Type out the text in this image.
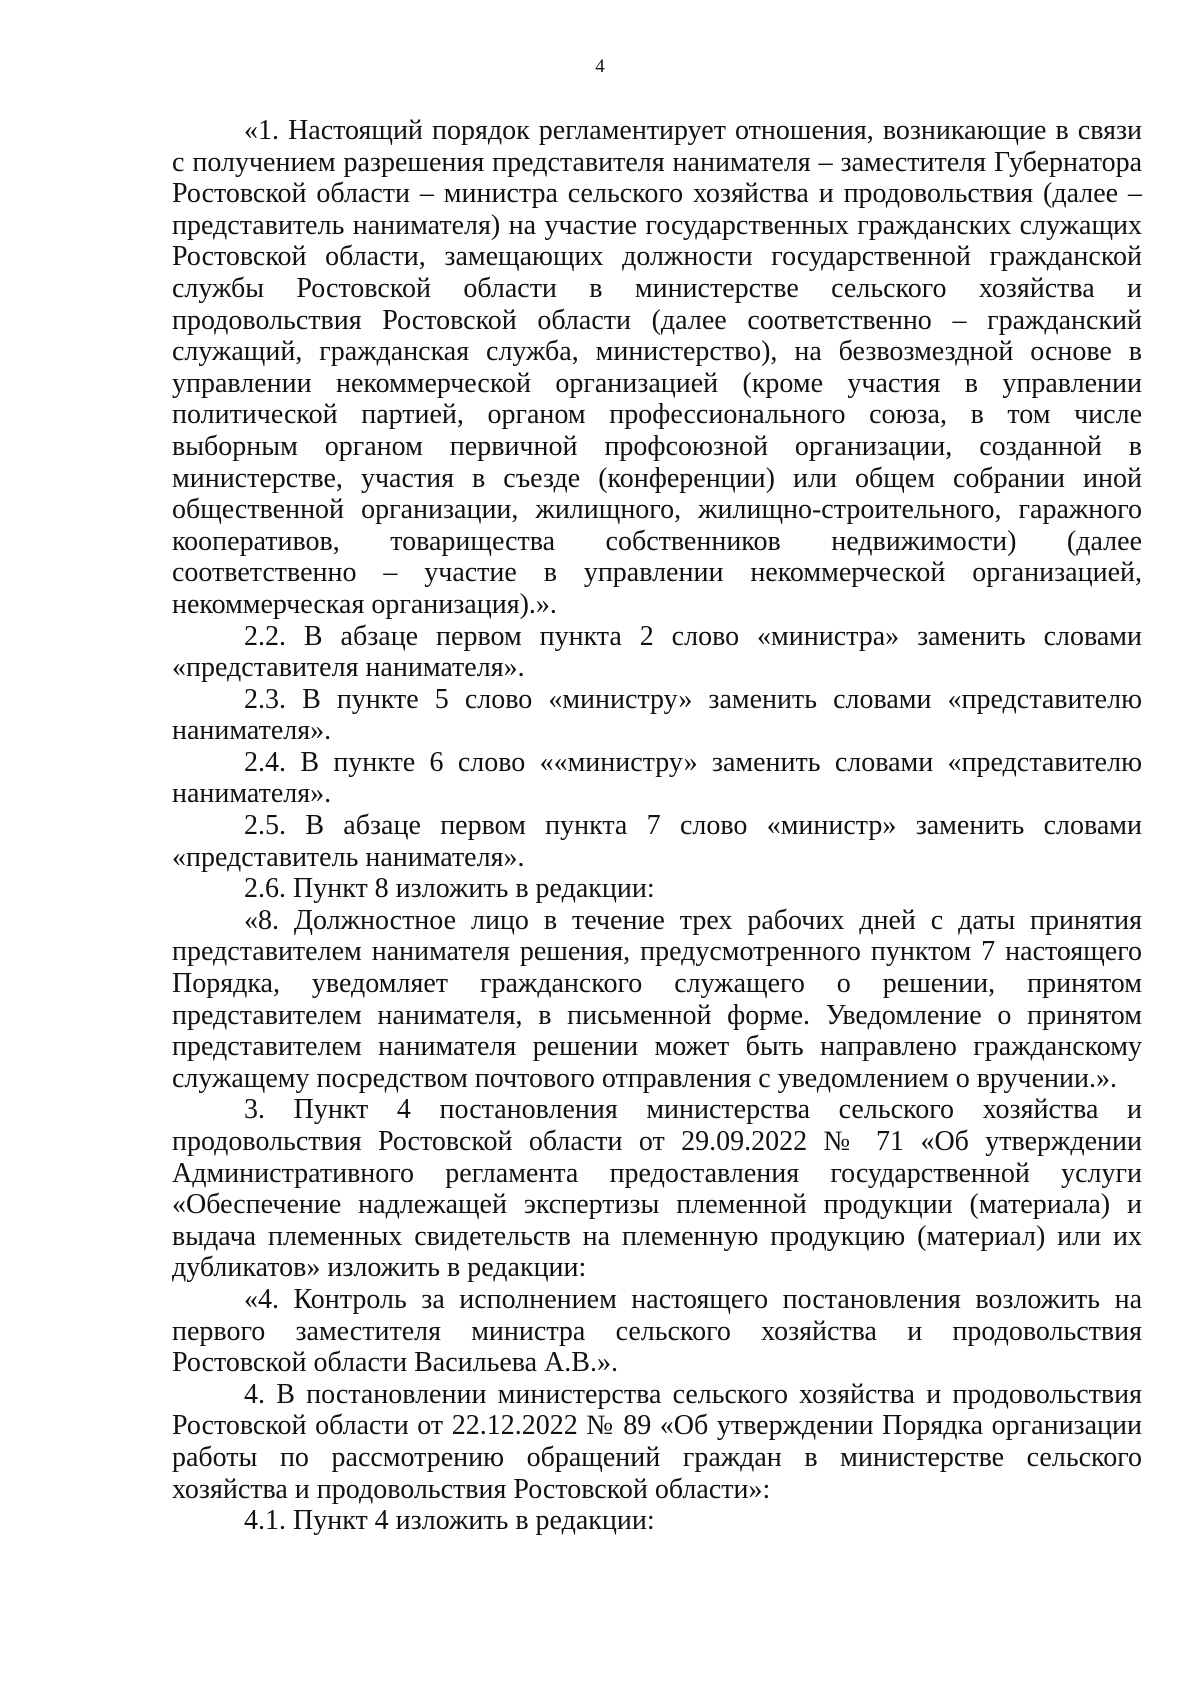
4

«1. Настоящий порядок регламентирует отношения, возникающие в связи с получением разрешения представителя нанимателя – заместителя Губернатора Ростовской области – министра сельского хозяйства и продовольствия (далее – представитель нанимателя) на участие государственных гражданских служащих Ростовской области, замещающих должности государственной гражданской службы Ростовской области в министерстве сельского хозяйства и продовольствия Ростовской области (далее соответственно – гражданский служащий, гражданская служба, министерство), на безвозмездной основе в управлении некоммерческой организацией (кроме участия в управлении политической партией, органом профессионального союза, в том числе выборным органом первичной профсоюзной организации, созданной в министерстве, участия в съезде (конференции) или общем собрании иной общественной организации, жилищного, жилищно-строительного, гаражного кооперативов, товарищества собственников недвижимости) (далее соответственно – участие в управлении некоммерческой организацией, некоммерческая организация).».

2.2. В абзаце первом пункта 2 слово «министра» заменить словами «представителя нанимателя».

2.3. В пункте 5 слово «министру» заменить словами «представителю нанимателя».

2.4. В пункте 6 слово ««министру» заменить словами «представителю нанимателя».

2.5. В абзаце первом пункта 7 слово «министр» заменить словами «представитель нанимателя».

2.6. Пункт 8 изложить в редакции:

«8. Должностное лицо в течение трех рабочих дней с даты принятия представителем нанимателя решения, предусмотренного пунктом 7 настоящего Порядка, уведомляет гражданского служащего о решении, принятом представителем нанимателя, в письменной форме. Уведомление о принятом представителем нанимателя решении может быть направлено гражданскому служащему посредством почтового отправления с уведомлением о вручении.».

3. Пункт 4 постановления министерства сельского хозяйства и продовольствия Ростовской области от 29.09.2022 № 71 «Об утверждении Административного регламента предоставления государственной услуги «Обеспечение надлежащей экспертизы племенной продукции (материала) и выдача племенных свидетельств на племенную продукцию (материал) или их дубликатов» изложить в редакции:

«4. Контроль за исполнением настоящего постановления возложить на первого заместителя министра сельского хозяйства и продовольствия Ростовской области Васильева А.В.».

4. В постановлении министерства сельского хозяйства и продовольствия Ростовской области от 22.12.2022 № 89 «Об утверждении Порядка организации работы по рассмотрению обращений граждан в министерстве сельского хозяйства и продовольствия Ростовской области»:

4.1. Пункт 4 изложить в редакции:
